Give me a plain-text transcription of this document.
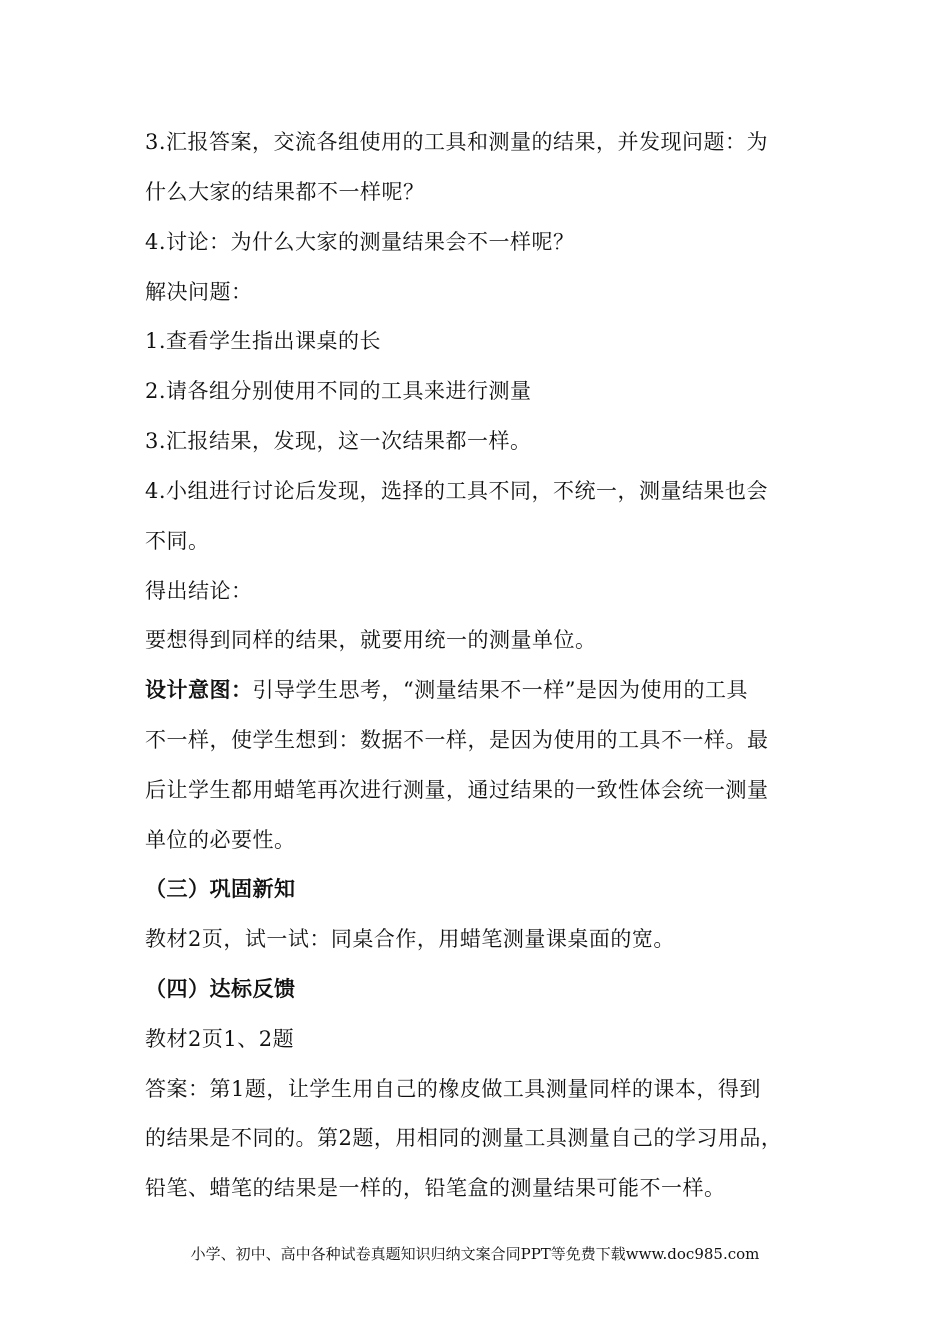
3.汇报答案，交流各组使用的工具和测量的结果，并发现问题：为
什么大家的结果都不一样呢？
4.讨论：为什么大家的测量结果会不一样呢？
解决问题：
1.查看学生指出课桌的长
2.请各组分别使用不同的工具来进行测量
3.汇报结果，发现，这一次结果都一样。
4.小组进行讨论后发现，选择的工具不同，不统一，测量结果也会
不同。
得出结论：
要想得到同样的结果，就要用统一的测量单位。
设计意图：引导学生思考，“测量结果不一样”是因为使用的工具
不一样，使学生想到：数据不一样，是因为使用的工具不一样。最
后让学生都用蜡笔再次进行测量，通过结果的一致性体会统一测量
单位的必要性。
（三）巩固新知
教材2页，试一试：同桌合作，用蜡笔测量课桌面的宽。
（四）达标反馈
教材2页1、2题
答案：第1题，让学生用自己的橡皮做工具测量同样的课本，得到
的结果是不同的。第2题，用相同的测量工具测量自己的学习用品，
铅笔、蜡笔的结果是一样的，铅笔盒的测量结果可能不一样。
小学、初中、高中各种试卷真题知识归纳文案合同PPT等免费下载www.doc985.com
